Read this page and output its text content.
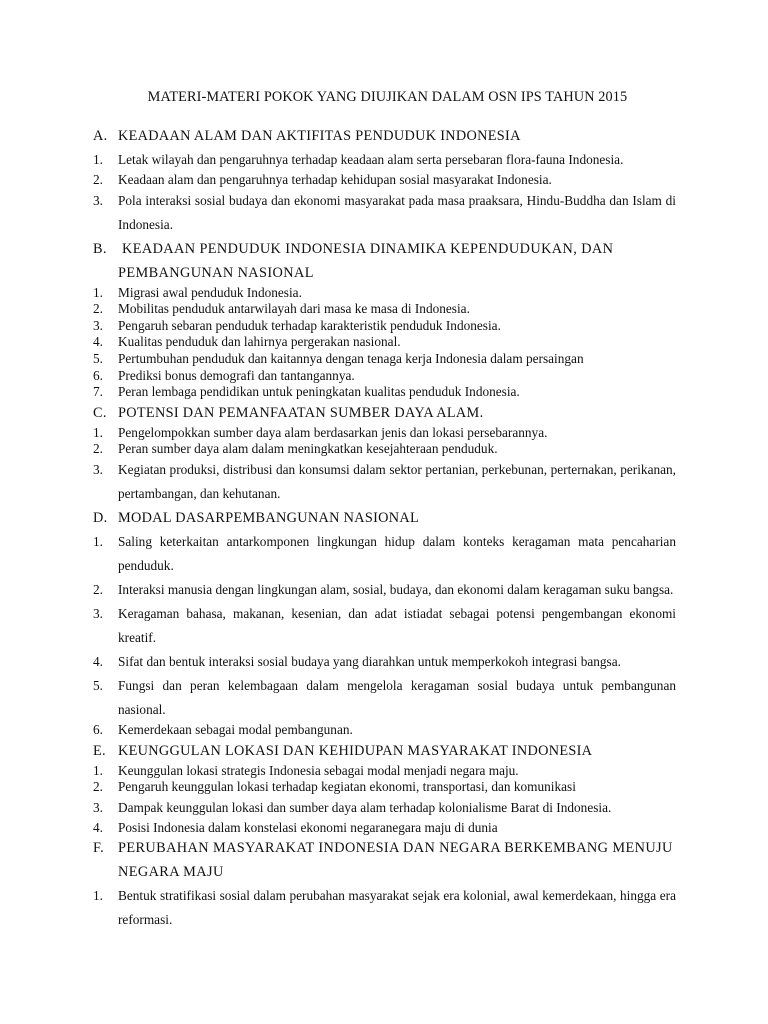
MATERI-MATERI POKOK YANG DIUJIKAN DALAM OSN IPS TAHUN 2015
A. KEADAAN ALAM DAN AKTIFITAS PENDUDUK INDONESIA
1.	Letak wilayah dan pengaruhnya terhadap keadaan alam serta persebaran flora-fauna Indonesia.
2.	Keadaan alam dan pengaruhnya terhadap kehidupan sosial masyarakat Indonesia.
3.	Pola interaksi sosial budaya dan ekonomi masyarakat pada masa praaksara, Hindu-Buddha dan Islam di Indonesia.
B. KEADAAN PENDUDUK INDONESIA DINAMIKA KEPENDUDUKAN, DAN PEMBANGUNAN NASIONAL
1.	Migrasi awal penduduk Indonesia.
2.	Mobilitas penduduk antarwilayah dari masa ke masa di Indonesia.
3.	Pengaruh sebaran penduduk terhadap karakteristik penduduk Indonesia.
4.	Kualitas penduduk dan lahirnya pergerakan nasional.
5.	Pertumbuhan penduduk dan kaitannya dengan tenaga kerja Indonesia dalam persaingan
6.	Prediksi bonus demografi dan tantangannya.
7.	Peran lembaga pendidikan untuk peningkatan kualitas penduduk Indonesia.
C. POTENSI DAN PEMANFAATAN SUMBER DAYA ALAM.
1.	Pengelompokkan sumber daya alam berdasarkan jenis dan lokasi persebarannya.
2.	Peran sumber daya alam dalam meningkatkan kesejahteraan penduduk.
3.	Kegiatan produksi, distribusi dan konsumsi dalam sektor pertanian, perkebunan, perternakan, perikanan, pertambangan, dan kehutanan.
D. MODAL DASARPEMBANGUNAN NASIONAL
1.	Saling keterkaitan antarkomponen lingkungan hidup dalam konteks keragaman mata pencaharian penduduk.
2.	Interaksi manusia dengan lingkungan alam, sosial, budaya, dan ekonomi dalam keragaman suku bangsa.
3.	Keragaman bahasa, makanan, kesenian, dan adat istiadat sebagai potensi pengembangan ekonomi kreatif.
4.	Sifat dan bentuk interaksi sosial budaya yang diarahkan untuk memperkokoh integrasi bangsa.
5.	Fungsi dan peran kelembagaan dalam mengelola keragaman sosial budaya untuk pembangunan nasional.
6.	Kemerdekaan sebagai modal pembangunan.
E. KEUNGGULAN LOKASI DAN KEHIDUPAN MASYARAKAT INDONESIA
1.	Keunggulan lokasi strategis Indonesia sebagai modal menjadi negara maju.
2.	Pengaruh keunggulan lokasi terhadap kegiatan ekonomi, transportasi, dan komunikasi
3.	Dampak keunggulan lokasi dan sumber daya alam terhadap kolonialisme Barat di Indonesia.
4.	Posisi Indonesia dalam konstelasi ekonomi negaranegara maju di dunia
F. PERUBAHAN MASYARAKAT INDONESIA DAN NEGARA BERKEMBANG MENUJU NEGARA MAJU
1.	Bentuk stratifikasi sosial dalam perubahan masyarakat sejak era kolonial, awal kemerdekaan, hingga era reformasi.
